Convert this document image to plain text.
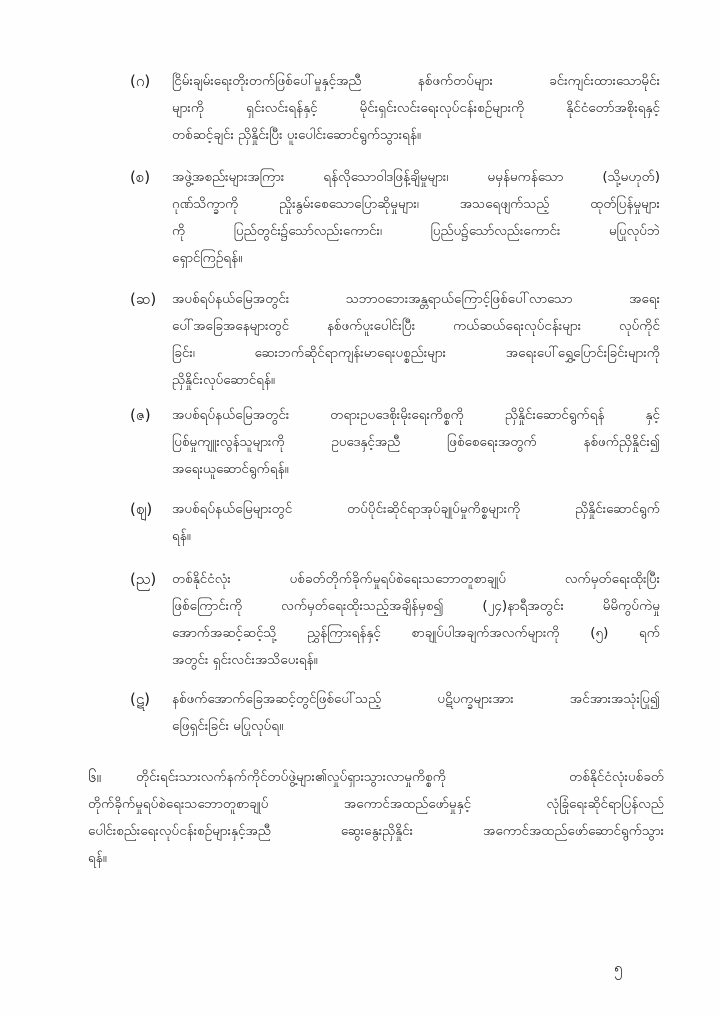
(ဂ)	ငြိမ်းချမ်းရေးတိုးတက်ဖြစ်ပေါ်မှုနှင့်အညီ နစ်ဖက်တပ်များ ခင်းကျင်းထားသောမိုင်း
များကို ရှင်းလင်းရန်နှင့် မိုင်းရှင်းလင်းရေးလုပ်ငန်းစဉ်များကို နိုင်ငံတော်အစိုးရနှင့်
တစ်ဆင့်ချင်း ညှိနှိုင်းပြီး ပူးပေါင်းဆောင်ရွက်သွားရန်။
(စ)	အဖွဲ့အစည်းများအကြား ရန်လိုသောဝါဒဖြန့်ချိမှုများ၊ မမှန်မကန်သော (သို့မဟုတ်)
ဂုဏ်သိက္ခာကို ညှိုးနွမ်းစေသောပြောဆိုမှုများ၊ အသရေဖျက်သည့် ထုတ်ပြန်မှုများ
ကို ပြည်တွင်း၌သော်လည်းကောင်း၊ ပြည်ပ၌သော်လည်းကောင်း မပြုလုပ်ဘဲ
ရှောင်ကြဉ်ရန်။
(ဆ)	အပစ်ရပ်နယ်မြေအတွင်း သဘာဝဘေးအန္တရာယ်ကြောင့်ဖြစ်ပေါ်လာသော အရေး
ပေါ်အခြေအနေများတွင် နစ်ဖက်ပူးပေါင်းပြီး ကယ်ဆယ်ရေးလုပ်ငန်းများ လုပ်ကိုင်
ခြင်း၊ ဆေးဘက်ဆိုင်ရာကျန်းမာရေးပစ္စည်းများ အရေးပေါ်ရွှေ့ပြောင်းခြင်းများကို
ညှိနှိုင်းလုပ်ဆောင်ရန်။
(ဇ)	အပစ်ရပ်နယ်မြေအတွင်း တရားဥပဒေစိုးမိုးရေးကိစ္စကို ညှိနှိုင်းဆောင်ရွက်ရန် နှင့်
ပြစ်မှုကျူးလွန်သူများကို ဥပဒေနှင့်အညီ ဖြစ်စေရေးအတွက် နစ်ဖက်ညှိနှိုင်း၍
အရေးယူဆောင်ရွက်ရန်။
(ဈ)	အပစ်ရပ်နယ်မြေများတွင် တပ်ပိုင်းဆိုင်ရာအုပ်ချုပ်မှုကိစ္စများကို ညှိနှိုင်းဆောင်ရွက်
ရန်။
(ည)	တစ်နိုင်ငံလုံး ပစ်ခတ်တိုက်ခိုက်မှုရပ်စဲရေးသဘောတူစာချုပ် လက်မှတ်ရေးထိုးပြီး
ဖြစ်ကြောင်းကို လက်မှတ်ရေးထိုးသည့်အချိန်မှစ၍ (၂၄)နာရီအတွင်း မိမိကွပ်ကဲမှု
အောက်အဆင့်ဆင့်သို့ ညွှန်ကြားရန်နှင့် စာချုပ်ပါအချက်အလက်များကို (၅) ရက်
အတွင်း ရှင်းလင်းအသိပေးရန်။
(ဋ)	နစ်ဖက်အောက်ခြေအဆင့်တွင်ဖြစ်ပေါ်သည့် ပဋိပက္ခများအား အင်အားအသုံးပြု၍
ဖြေရှင်းခြင်း မပြုလုပ်ရ။
၆။	တိုင်းရင်းသားလက်နက်ကိုင်တပ်ဖွဲ့များ၏လှုပ်ရှားသွားလာမှုကိစ္စကို တစ်နိုင်ငံလုံးပစ်ခတ်
တိုက်ခိုက်မှုရပ်စဲရေးသဘောတူစာချုပ် အကောင်အထည်ဖော်မှုနှင့် လုံခြုံရေးဆိုင်ရာပြန်လည်
ပေါင်းစည်းရေးလုပ်ငန်းစဉ်များနှင့်အညီ ဆွေးနွေးညှိနှိုင်း အကောင်အထည်ဖော်ဆောင်ရွက်သွား
ရန်။
၅
